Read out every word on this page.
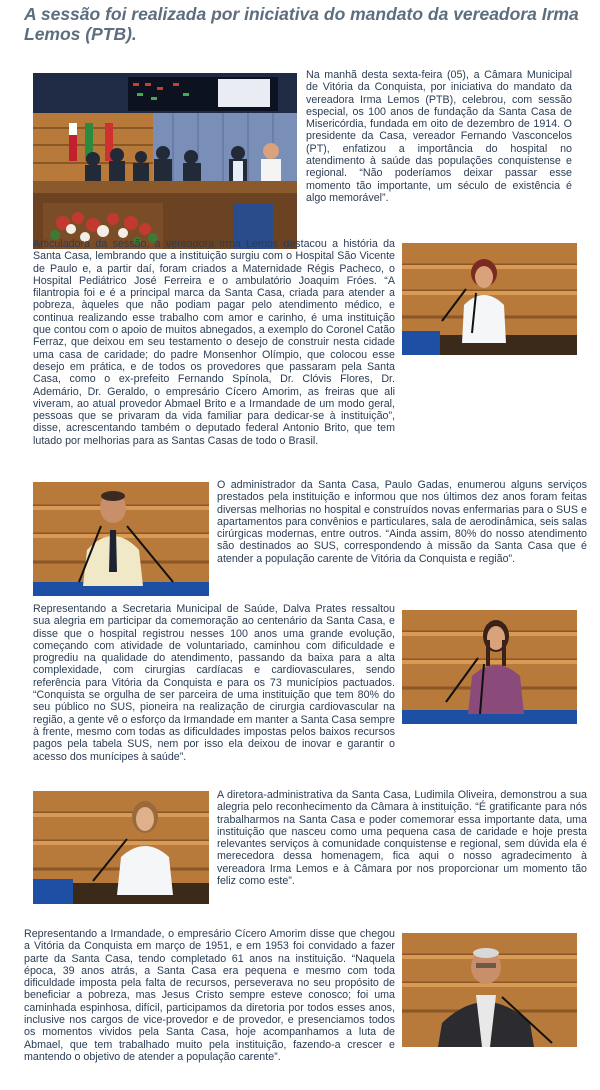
A sessão foi realizada por iniciativa do mandato da vereadora Irma Lemos (PTB).

Na manhã desta sexta-feira (05), a Câmara Municipal de Vitória da Conquista, por iniciativa do mandato da vereadora Irma Lemos (PTB), celebrou, com sessão especial, os 100 anos de fundação da Santa Casa de Misericórdia, fundada em oito de dezembro de 1914. O presidente da Casa, vereador Fernando Vasconcelos (PT), enfatizou a importância do hospital no atendimento à saúde das populações conquistense e regional. “Não poderíamos deixar passar esse momento tão importante, um século de existência é algo memorável”.

Articuladora da sessão, a vereadora Irma Lemos destacou a história da Santa Casa, lembrando que a instituição surgiu com o Hospital São Vicente de Paulo e, a partir daí, foram criados a Maternidade Régis Pacheco, o Hospital Pediátrico José Ferreira e o ambulatório Joaquim Fróes. “A filantropia foi e é a principal marca da Santa Casa, criada para atender a pobreza, àqueles que não podiam pagar pelo atendimento médico, e continua realizando esse trabalho com amor e carinho, é uma instituição que contou com o apoio de muitos abnegados, a exemplo do Coronel Catão Ferraz, que deixou em seu testamento o desejo de construir nesta cidade uma casa de caridade; do padre Monsenhor Olímpio, que colocou esse desejo em prática, e de todos os provedores que passaram pela Santa Casa, como o ex-prefeito Fernando Spínola, Dr. Clóvis Flores, Dr. Ademário, Dr. Geraldo, o empresário Cícero Amorim, as freiras que ali viveram, ao atual provedor Abmael Brito e a Irmandade de um modo geral, pessoas que se privaram da vida familiar para dedicar-se à instituição”, disse, acrescentando também o deputado federal Antonio Brito, que tem lutado por melhorias para as Santas Casas de todo o Brasil.

O administrador da Santa Casa, Paulo Gadas, enumerou alguns serviços prestados pela instituição e informou que nos últimos dez anos foram feitas diversas melhorias no hospital e construídos novas enfermarias para o SUS e apartamentos para convênios e particulares, sala de aerodinâmica, seis salas cirúrgicas modernas, entre outros. “Ainda assim, 80% do nosso atendimento são destinados ao SUS, correspondendo à missão da Santa Casa que é atender a população carente de Vitória da Conquista e região”.

Representando a Secretaria Municipal de Saúde, Dalva Prates ressaltou sua alegria em participar da comemoração ao centenário da Santa Casa, e disse que o hospital registrou nesses 100 anos uma grande evolução, começando com atividade de voluntariado, caminhou com dificuldade e progrediu na qualidade do atendimento, passando da baixa para a alta complexidade, com cirurgias cardíacas e cardiovasculares, sendo referência para Vitória da Conquista e para os 73 municípios pactuados. “Conquista se orgulha de ser parceira de uma instituição que tem 80% do seu público no SUS, pioneira na realização de cirurgia cardiovascular na região, a gente vê o esforço da Irmandade em manter a Santa Casa sempre à frente, mesmo com todas as dificuldades impostas pelos baixos recursos pagos pela tabela SUS, nem por isso ela deixou de inovar e garantir o acesso dos munícipes à saúde”.

A diretora-administrativa da Santa Casa, Ludimila Oliveira, demonstrou a sua alegria pelo reconhecimento da Câmara à instituição. “É gratificante para nós trabalharmos na Santa Casa e poder comemorar essa importante data, uma instituição que nasceu como uma pequena casa de caridade e hoje presta relevantes serviços à comunidade conquistense e regional, sem dúvida ela é merecedora dessa homenagem, fica aqui o nosso agradecimento à vereadora Irma Lemos e à Câmara por nos proporcionar um momento tão feliz como este”.

Representando a Irmandade, o empresário Cícero Amorim disse que chegou a Vitória da Conquista em março de 1951, e em 1953 foi convidado a fazer parte da Santa Casa, tendo completado 61 anos na instituição. “Naquela época, 39 anos atrás, a Santa Casa era pequena e mesmo com toda dificuldade imposta pela falta de recursos, perseverava no seu propósito de beneficiar a pobreza, mas Jesus Cristo sempre esteve conosco; foi uma caminhada espinhosa, difícil, participamos da diretoria por todos esses anos, inclusive nos cargos de vice-provedor e de provedor, e presenciamos todos os momentos vividos pela Santa Casa, hoje acompanhamos a luta de Abmael, que tem trabalhado muito pela instituição, fazendo-a crescer e mantendo o objetivo de atender a população carente”.
